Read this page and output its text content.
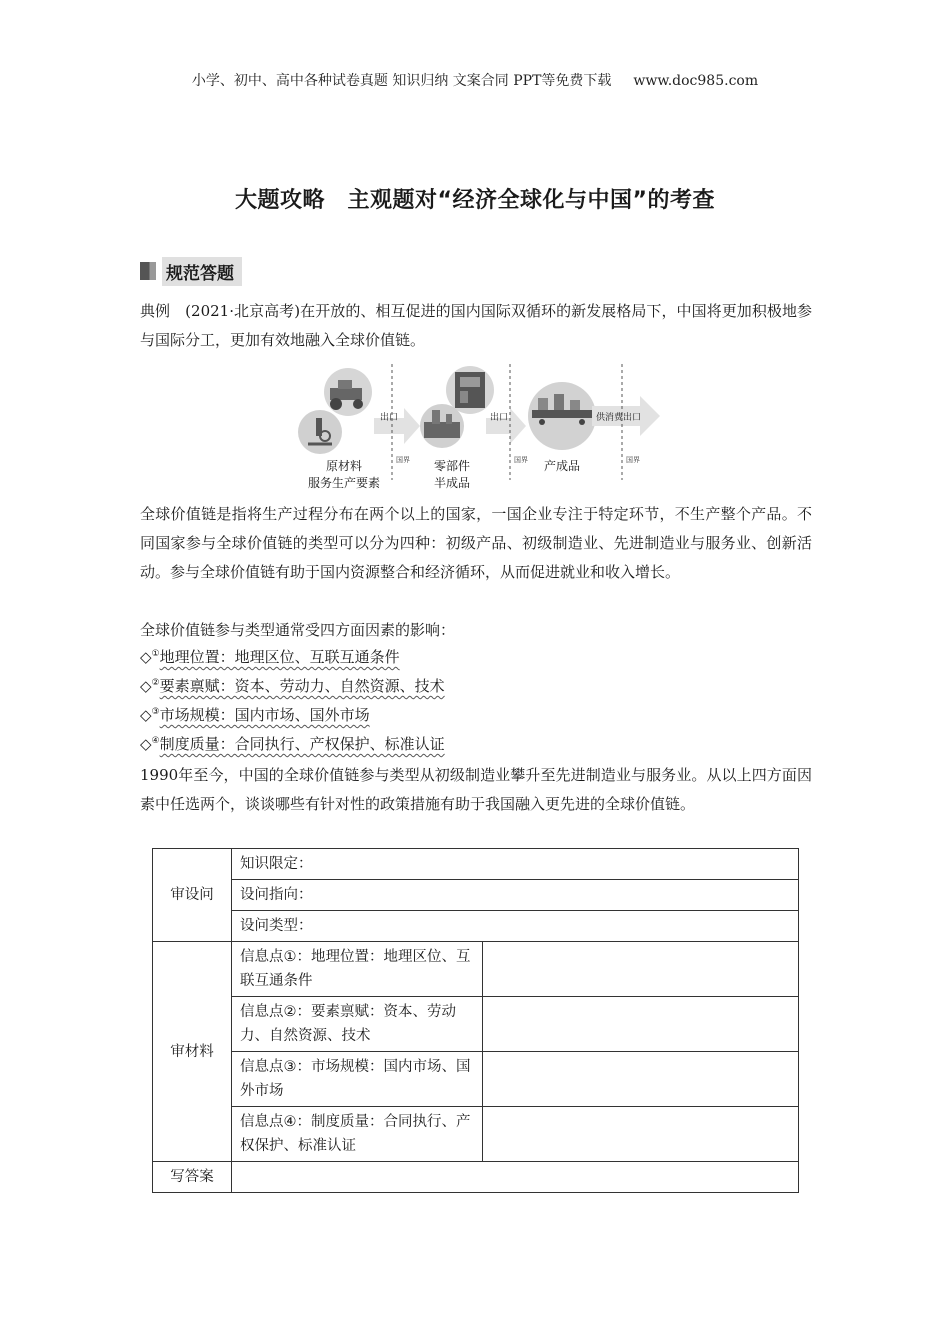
小学、初中、高中各种试卷真题 知识归纳 文案合同 PPT等免费下载 www.doc985.com
大题攻略　主观题对“经济全球化与中国”的考查
规范答题
典例　(2021·北京高考)在开放的、相互促进的国内国际双循环的新发展格局下，中国将更加积极地参与国际分工，更加有效地融入全球价值链。
出口
国界
出口
国界
供消费出口
国界
原材料
服务生产要素
零部件
半成品
产成品
全球价值链是指将生产过程分布在两个以上的国家，一国企业专注于特定环节，不生产整个产品。不同国家参与全球价值链的类型可以分为四种：初级产品、初级制造业、先进制造业与服务业、创新活动。参与全球价值链有助于国内资源整合和经济循环，从而促进就业和收入增长。
全球价值链参与类型通常受四方面因素的影响：
◇①地理位置：地理区位、互联互通条件
◇②要素禀赋：资本、劳动力、自然资源、技术
◇③市场规模：国内市场、国外市场
◇④制度质量：合同执行、产权保护、标准认证
1990年至今，中国的全球价值链参与类型从初级制造业攀升至先进制造业与服务业。从以上四方面因素中任选两个，谈谈哪些有针对性的政策措施有助于我国融入更先进的全球价值链。
审设问	知识限定：	
	设问指向：	
	设问类型：	
审材料	信息点①：地理位置：地理区位、互联互通条件	
	信息点②：要素禀赋：资本、劳动力、自然资源、技术	
	信息点③：市场规模：国内市场、国外市场	
	信息点④：制度质量：合同执行、产权保护、标准认证	
写答案		
